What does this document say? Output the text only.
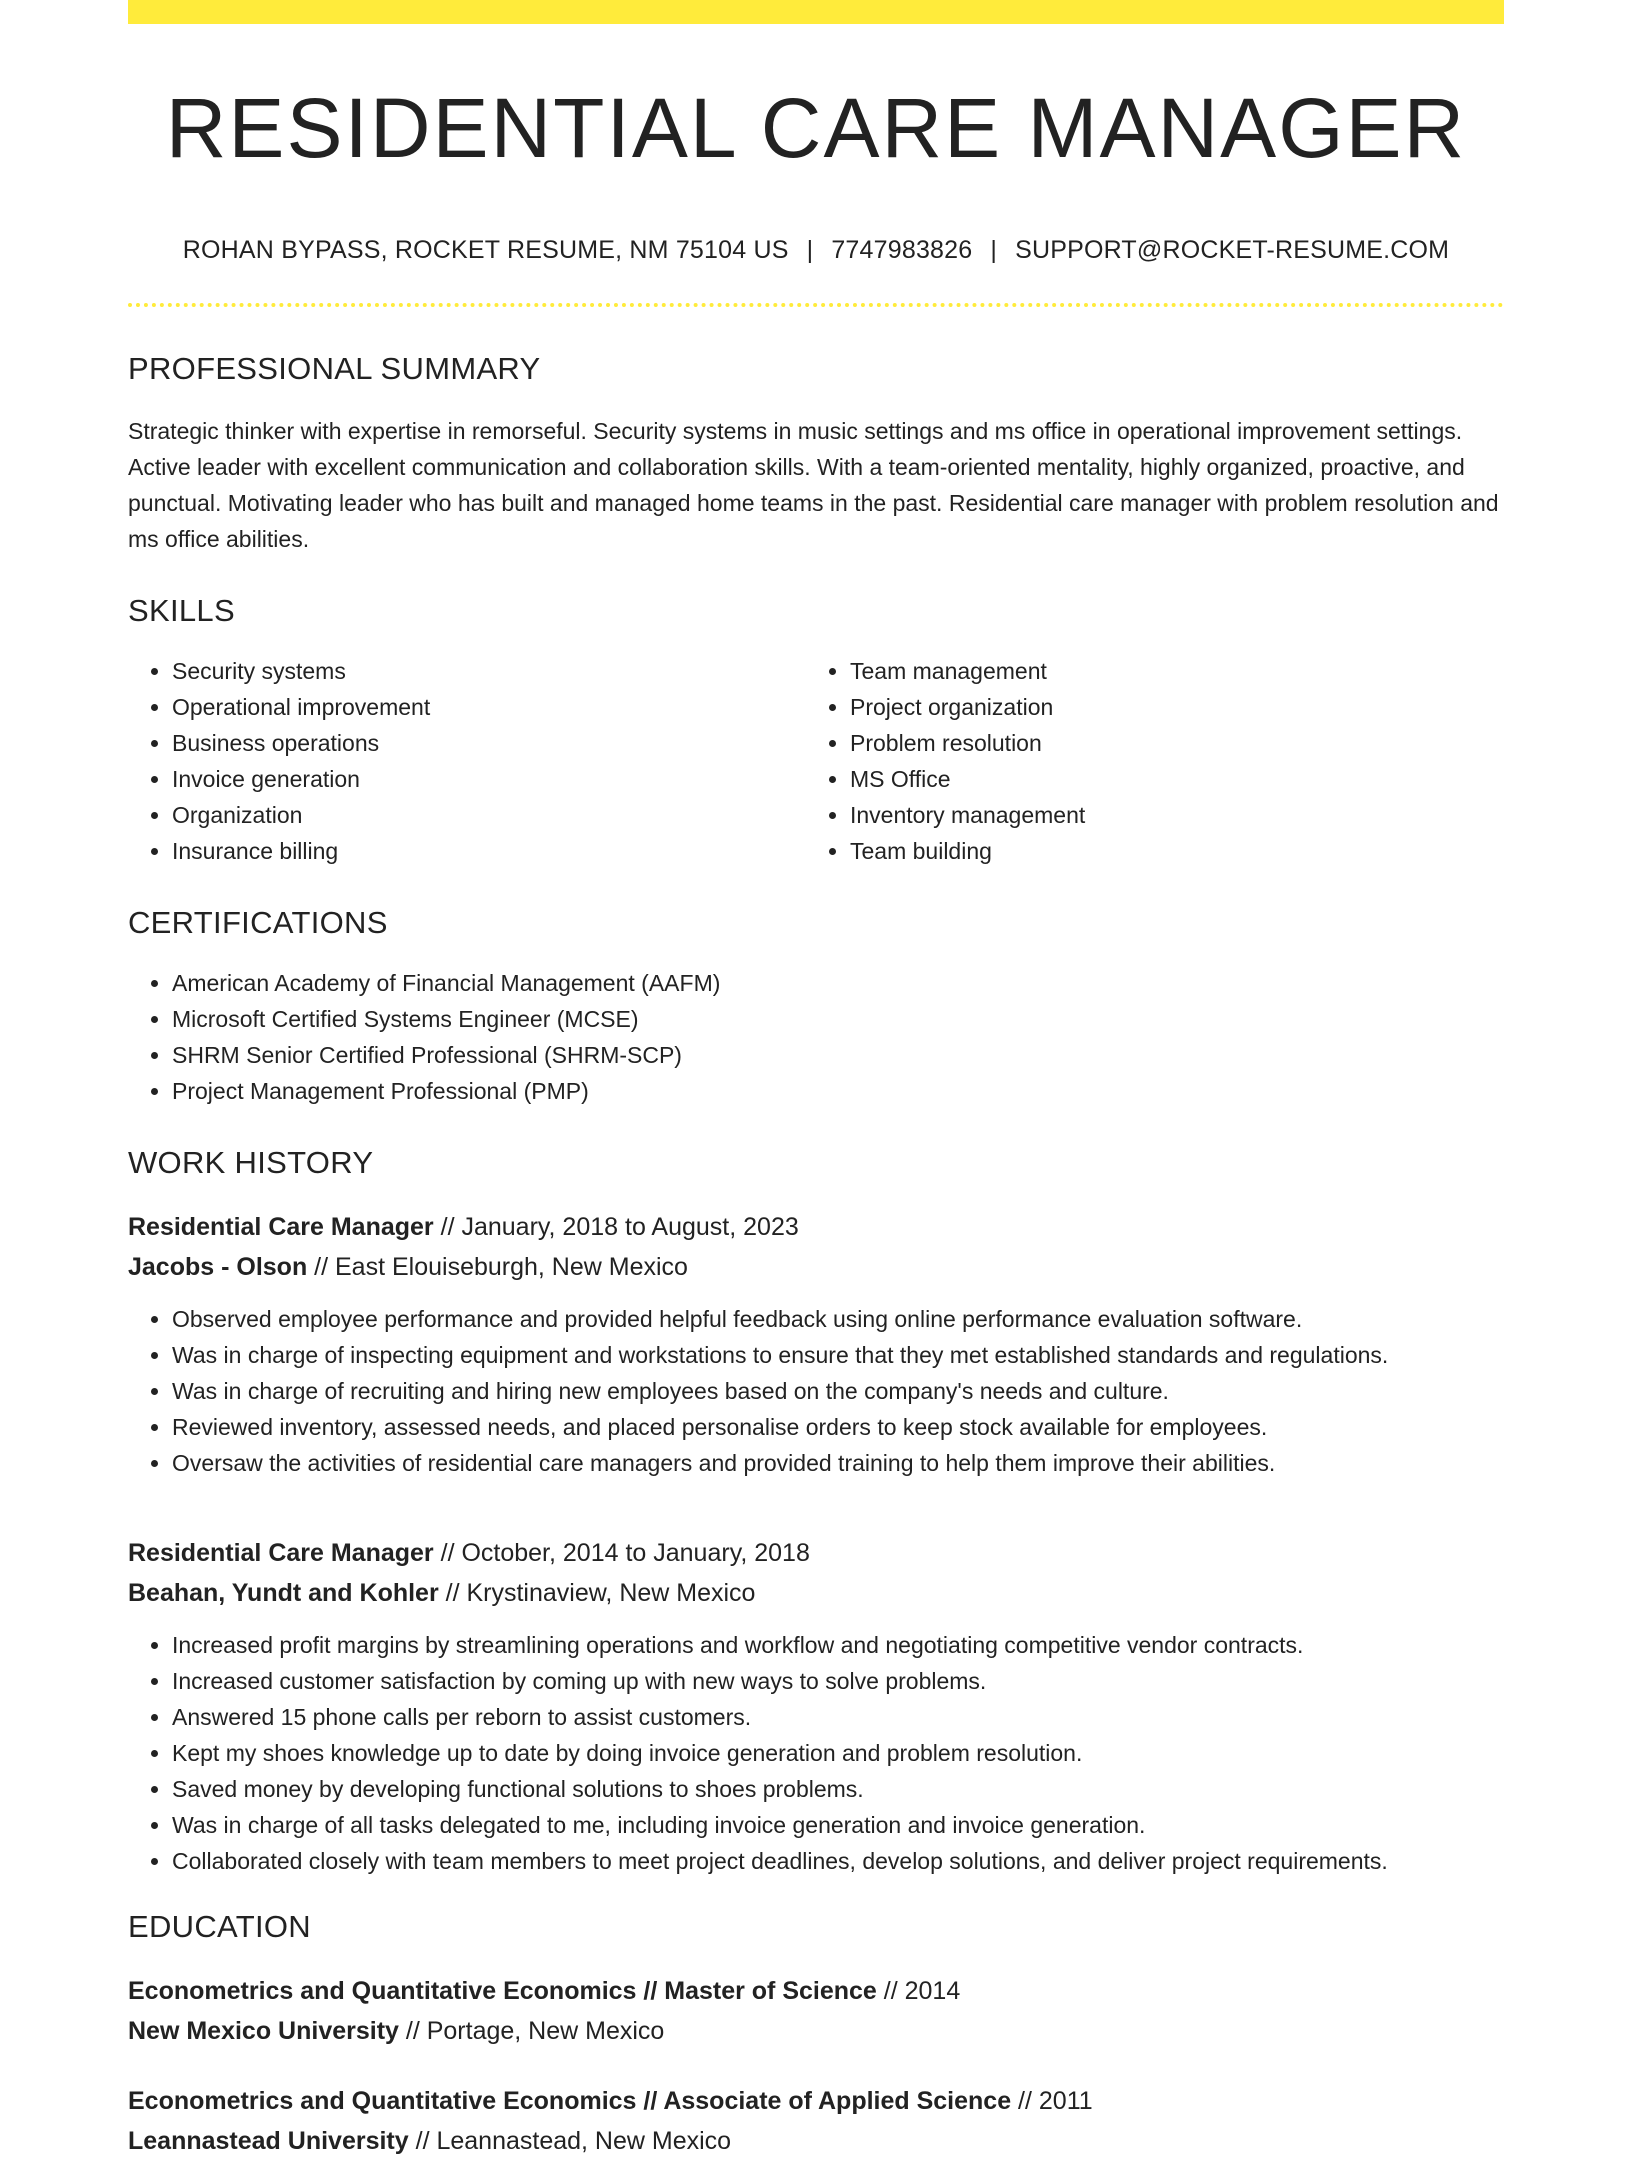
RESIDENTIAL CARE MANAGER
ROHAN BYPASS, ROCKET RESUME, NM 75104 US | 7747983826 | SUPPORT@ROCKET-RESUME.COM
PROFESSIONAL SUMMARY

Strategic thinker with expertise in remorseful. Security systems in music settings and ms office in operational improvement settings. Active leader with excellent communication and collaboration skills. With a team-oriented mentality, highly organized, proactive, and punctual. Motivating leader who has built and managed home teams in the past. Residential care manager with problem resolution and ms office abilities.

SKILLS
• Security systems
• Operational improvement
• Business operations
• Invoice generation
• Organization
• Insurance billing
• Team management
• Project organization
• Problem resolution
• MS Office
• Inventory management
• Team building
CERTIFICATIONS
• American Academy of Financial Management (AAFM)
• Microsoft Certified Systems Engineer (MCSE)
• SHRM Senior Certified Professional (SHRM-SCP)
• Project Management Professional (PMP)
WORK HISTORY
Residential Care Manager // January, 2018 to August, 2023
Jacobs - Olson // East Elouiseburgh, New Mexico
• Observed employee performance and provided helpful feedback using online performance evaluation software.
• Was in charge of inspecting equipment and workstations to ensure that they met established standards and regulations.
• Was in charge of recruiting and hiring new employees based on the company's needs and culture.
• Reviewed inventory, assessed needs, and placed personalise orders to keep stock available for employees.
• Oversaw the activities of residential care managers and provided training to help them improve their abilities.
Residential Care Manager // October, 2014 to January, 2018
Beahan, Yundt and Kohler // Krystinaview, New Mexico
• Increased profit margins by streamlining operations and workflow and negotiating competitive vendor contracts.
• Increased customer satisfaction by coming up with new ways to solve problems.
• Answered 15 phone calls per reborn to assist customers.
• Kept my shoes knowledge up to date by doing invoice generation and problem resolution.
• Saved money by developing functional solutions to shoes problems.
• Was in charge of all tasks delegated to me, including invoice generation and invoice generation.
• Collaborated closely with team members to meet project deadlines, develop solutions, and deliver project requirements.
EDUCATION
Econometrics and Quantitative Economics // Master of Science // 2014
New Mexico University // Portage, New Mexico
Econometrics and Quantitative Economics // Associate of Applied Science // 2011
Leannastead University // Leannastead, New Mexico
